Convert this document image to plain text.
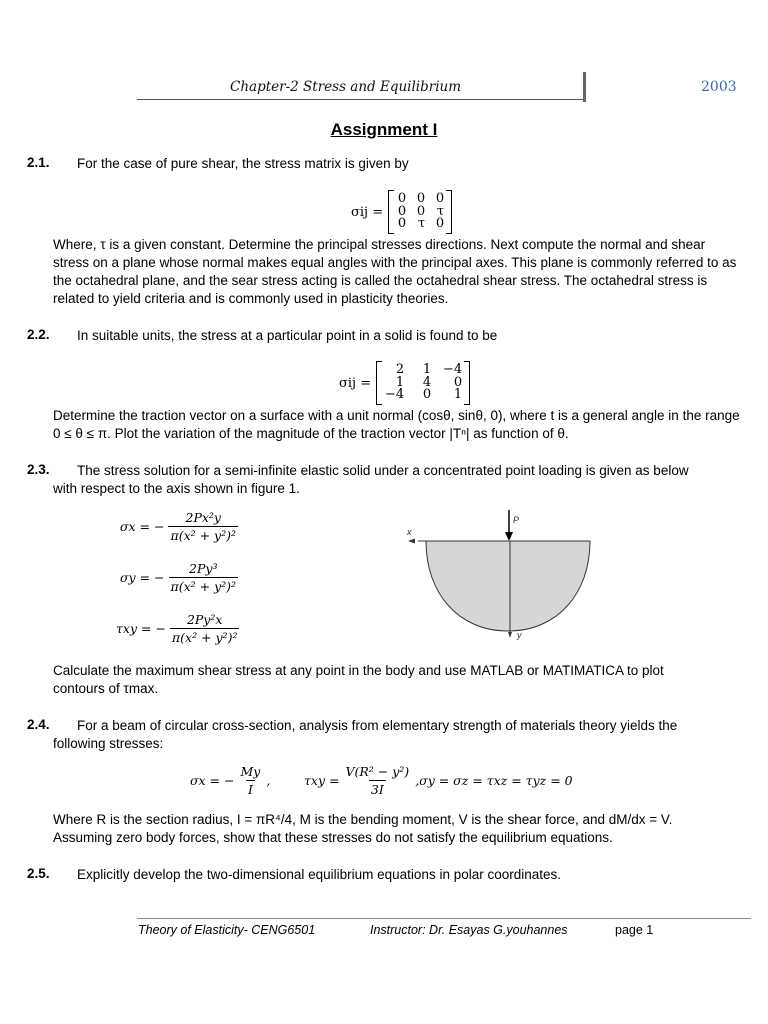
Chapter-2 Stress and Equilibrium	2003
Assignment I
2.1. For the case of pure shear, the stress matrix is given by
σij =
0 0 0
0 0 τ
0 τ 0
Where, τ is a given constant. Determine the principal stresses directions. Next compute the normal and shear stress on a plane whose normal makes equal angles with the principal axes. This plane is commonly referred to as the octahedral plane, and the sear stress acting is called the octahedral shear stress. The octahedral stress is related to yield criteria and is commonly used in plasticity theories.
2.2. In suitable units, the stress at a particular point in a solid is found to be
σij =
2	1 −4
1	4	0
−4	0	1
Determine the traction vector on a surface with a unit normal (cosθ, sinθ, 0), where t is a general angle in the range 0 ≤ θ ≤ π. Plot the variation of the magnitude of the traction vector |Tⁿ| as function of θ.
2.3. The stress solution for a semi-infinite elastic solid under a concentrated point loading is given as below
with respect to the axis shown in figure 1.
σx = − $\frac{\text{2Px²y}}{\text{π(x² + y²)²}}$
σy = − $\frac{\text{2Py³}}{\text{π(x² + y²)²}}$
τxy = − $\frac{\text{2Py²x}}{\text{π(x² + y²)²}}$
P
x
y
Calculate the maximum shear stress at any point in the body and use MATLAB or MATIMATICA to plot
contours of τmax.
2.4. For a beam of circular cross-section, analysis from elementary strength of materials theory yields the
following stresses:
σx = − $\frac{My}{I}$ ,	$\tau xy = \frac{\text{V(R² − y²)}}{3I} ,\sigma y = \sigma z = \tau xz = \tau yz = 0$
Where R is the section radius, I = πR⁴/4, M is the bending moment, V is the shear force, and dM/dx = V.
Assuming zero body forces, show that these stresses do not satisfy the equilibrium equations.
2.5. Explicitly develop the two-dimensional equilibrium equations in polar coordinates.
Theory of Elasticity- CENG6501	Instructor: Dr. Esayas G.youhannes	page 1
